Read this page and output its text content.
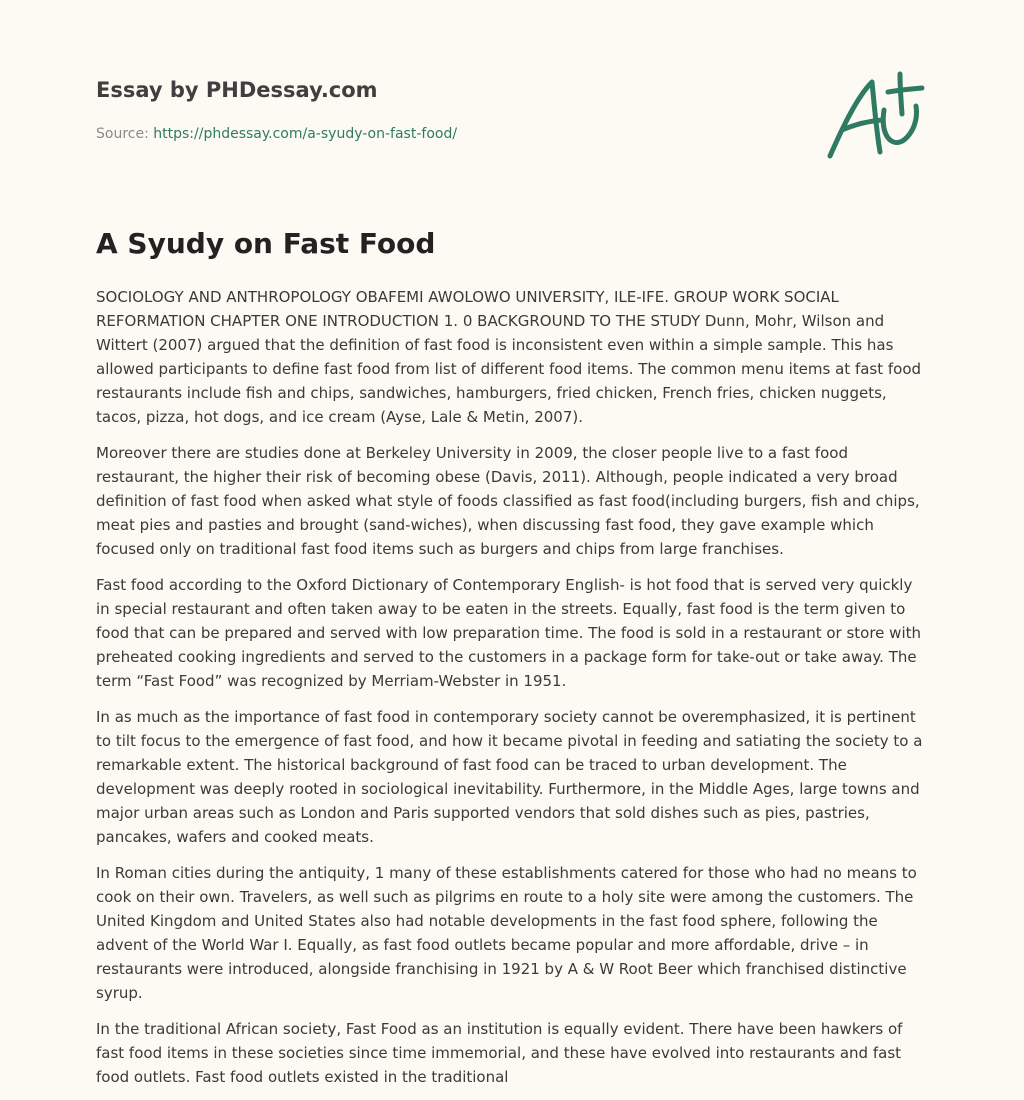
Essay by PHDessay.com
Source: https://phdessay.com/a-syudy-on-fast-food/
A Syudy on Fast Food

SOCIOLOGY AND ANTHROPOLOGY OBAFEMI AWOLOWO UNIVERSITY, ILE-IFE. GROUP WORK SOCIAL REFORMATION CHAPTER ONE INTRODUCTION 1. 0 BACKGROUND TO THE STUDY Dunn, Mohr, Wilson and Wittert (2007) argued that the definition of fast food is inconsistent even within a simple sample. This has allowed participants to define fast food from list of different food items. The common menu items at fast food restaurants include fish and chips, sandwiches, hamburgers, fried chicken, French fries, chicken nuggets, tacos, pizza, hot dogs, and ice cream (Ayse, Lale & Metin, 2007).

Moreover there are studies done at Berkeley University in 2009, the closer people live to a fast food restaurant, the higher their risk of becoming obese (Davis, 2011). Although, people indicated a very broad definition of fast food when asked what style of foods classified as fast food(including burgers, fish and chips, meat pies and pasties and brought (sand-wiches), when discussing fast food, they gave example which focused only on traditional fast food items such as burgers and chips from large franchises.

Fast food according to the Oxford Dictionary of Contemporary English- is hot food that is served very quickly in special restaurant and often taken away to be eaten in the streets. Equally, fast food is the term given to food that can be prepared and served with low preparation time. The food is sold in a restaurant or store with preheated cooking ingredients and served to the customers in a package form for take-out or take away. The term “Fast Food” was recognized by Merriam-Webster in 1951.

In as much as the importance of fast food in contemporary society cannot be overemphasized, it is pertinent to tilt focus to the emergence of fast food, and how it became pivotal in feeding and satiating the society to a remarkable extent. The historical background of fast food can be traced to urban development. The development was deeply rooted in sociological inevitability. Furthermore, in the Middle Ages, large towns and major urban areas such as London and Paris supported vendors that sold dishes such as pies, pastries, pancakes, wafers and cooked meats.

In Roman cities during the antiquity, 1 many of these establishments catered for those who had no means to cook on their own. Travelers, as well such as pilgrims en route to a holy site were among the customers. The United Kingdom and United States also had notable developments in the fast food sphere, following the advent of the World War I. Equally, as fast food outlets became popular and more affordable, drive – in restaurants were introduced, alongside franchising in 1921 by A & W Root Beer which franchised distinctive syrup.

In the traditional African society, Fast Food as an institution is equally evident. There have been hawkers of fast food items in these societies since time immemorial, and these have evolved into restaurants and fast food outlets. Fast food outlets existed in the traditional
